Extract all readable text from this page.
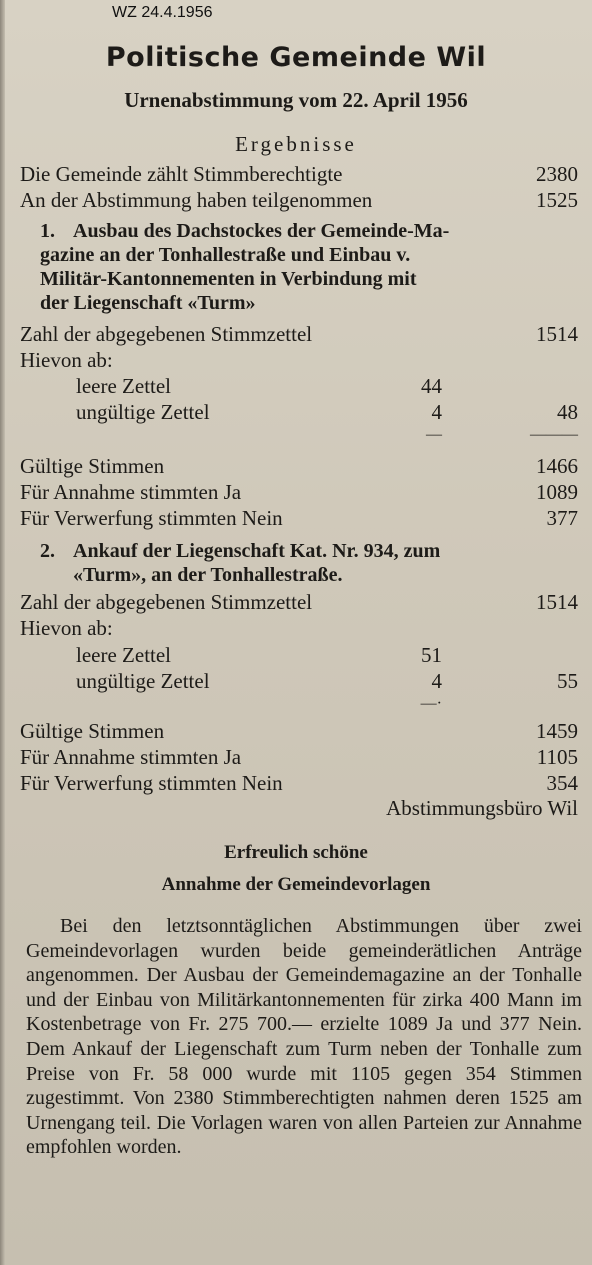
WZ 24.4.1956
Politische Gemeinde Wil
Urnenabstimmung vom 22. April 1956
Ergebnisse
Die Gemeinde zählt Stimmberechtigte	2380
An der Abstimmung haben teilgenommen	1525
1. Ausbau des Dachstockes der Gemeinde-Ma-
gazine an der Tonhallestraße und Einbau v.
Militär-Kantonnementen in Verbindung mit
der Liegenschaft «Turm»
Zahl der abgegebenen Stimmzettel	1514
Hievon ab:
leere Zettel	44
ungültige Zettel	4	48
—	———
Gültige Stimmen	1466
Für Annahme stimmten Ja	1089
Für Verwerfung stimmten Nein	377
2. Ankauf der Liegenschaft Kat. Nr. 934, zum
«Turm», an der Tonhallestraße.
Zahl der abgegebenen Stimmzettel	1514
Hievon ab:
leere Zettel	51
ungültige Zettel	4	55
—·
Gültige Stimmen	1459
Für Annahme stimmten Ja	1105
Für Verwerfung stimmten Nein	354
Abstimmungsbüro Wil
Erfreulich schöne
Annahme der Gemeindevorlagen
Bei den letztsonntäglichen Abstimmungen über zwei Gemeindevorlagen wurden beide gemeinderätlichen Anträge angenommen. Der Ausbau der Gemeindemagazine an der Tonhalle und der Einbau von Militärkantonnementen für zirka 400 Mann im Kostenbetrage von Fr. 275 700.— erzielte 1089 Ja und 377 Nein. Dem Ankauf der Liegenschaft zum Turm neben der Tonhalle zum Preise von Fr. 58 000 wurde mit 1105 gegen 354 Stimmen zugestimmt. Von 2380 Stimmberechtigten nahmen deren 1525 am Urnengang teil. Die Vorlagen waren von allen Parteien zur Annahme empfohlen worden.
